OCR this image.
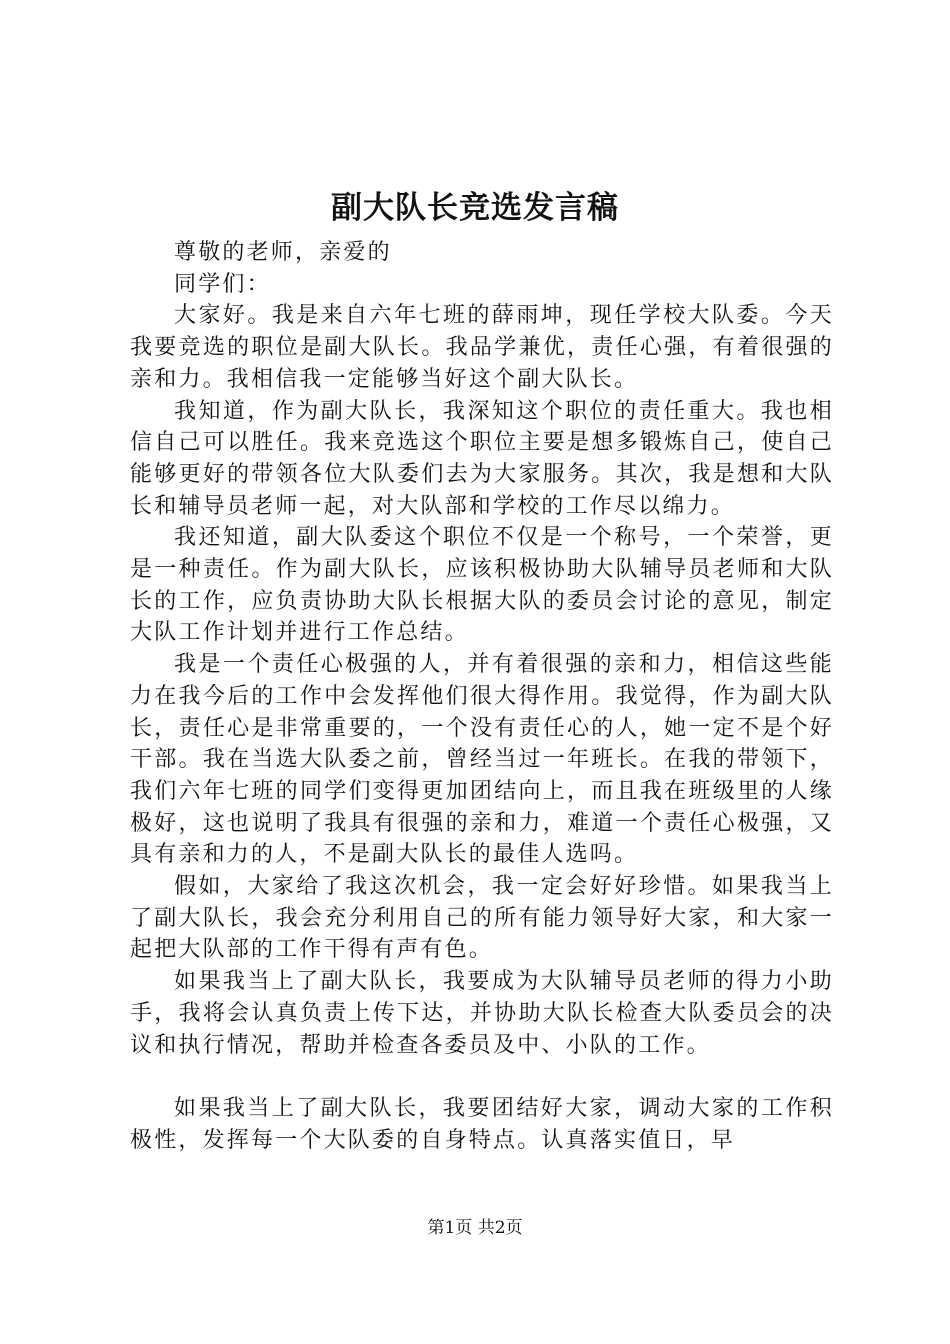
副大队长竞选发言稿

尊敬的老师，亲爱的

同学们：

大家好。我是来自六年七班的薛雨坤，现任学校大队委。今天我要竞选的职位是副大队长。我品学兼优，责任心强，有着很强的亲和力。我相信我一定能够当好这个副大队长。

我知道，作为副大队长，我深知这个职位的责任重大。我也相信自己可以胜任。我来竞选这个职位主要是想多锻炼自己，使自己能够更好的带领各位大队委们去为大家服务。其次，我是想和大队长和辅导员老师一起，对大队部和学校的工作尽以绵力。

我还知道，副大队委这个职位不仅是一个称号，一个荣誉，更是一种责任。作为副大队长，应该积极协助大队辅导员老师和大队长的工作，应负责协助大队长根据大队的委员会讨论的意见，制定大队工作计划并进行工作总结。

我是一个责任心极强的人，并有着很强的亲和力，相信这些能力在我今后的工作中会发挥他们很大得作用。我觉得，作为副大队长，责任心是非常重要的，一个没有责任心的人，她一定不是个好干部。我在当选大队委之前，曾经当过一年班长。在我的带领下，我们六年七班的同学们变得更加团结向上，而且我在班级里的人缘极好，这也说明了我具有很强的亲和力，难道一个责任心极强，又具有亲和力的人，不是副大队长的最佳人选吗。

假如，大家给了我这次机会，我一定会好好珍惜。如果我当上了副大队长，我会充分利用自己的所有能力领导好大家，和大家一起把大队部的工作干得有声有色。

如果我当上了副大队长，我要成为大队辅导员老师的得力小助手，我将会认真负责上传下达，并协助大队长检查大队委员会的决议和执行情况，帮助并检查各委员及中、小队的工作。

如果我当上了副大队长，我要团结好大家，调动大家的工作积极性，发挥每一个大队委的自身特点。认真落实值日，早

第1页 共2页
